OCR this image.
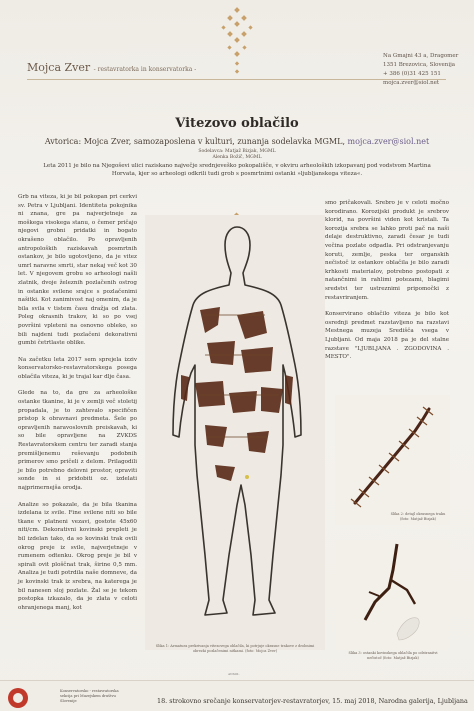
Mojca Zver - restavratorka in konservatorka -
Na Gmajni 43 a, Dragomer
1351 Brezovica, Slovenija
+ 386 (0)31 425 151
mojca.zver@siol.net
Vitezovo oblačilo
Avtorica: Mojca Zver, samozaposlena v kulturi, zunanja sodelavka MGML, mojca.zver@siol.net
Sodelavca: Matjaž Bizjak, MGML
Alenka Božič, MGML
Leta 2011 je bilo na Njegoševi ulici raziskano največje srednjeveško pokopališče, v okviru arheoloških izkopavanj pod vodstvom Martina Horvata, kjer so arheologi odkrili tudi grob s posmrtnimi ostanki »ljubljanskega viteza«.

Grb na viteza, ki je bil pokopan pri cerkvi sv. Petra v Ljubljani. Identiteta pokojnika ni znana, gre pa najverjetneje za moškega visokega stanu, o čemer pričajo njegovi grobni pridatki in bogato okrašeno oblačilo. Po opravljenih antropoloških raziskavah posmrtnih ostankov, je bilo ugotovljeno, da je vitez umrl naravne smrti, star nekaj več kot 30 let. V njegovem grobu so arheologi našli zlatnik, dvoje železnih pozlačenih ostrog in ostanke svilene srajce s pozlačenimi našitki. Kot zanimivost naj omenim, da je bila svila v tistem času dražja od zlata. Poleg okrasnih trakov, ki so po vsej površini vpleteni na osnovno obleko, so bili najdeni tudi pozlačeni dekorativni gumbi četrtlaste oblike.

Na začetku leta 2017 sem sprejela izziv konservatorsko-restavratorskega posega oblačila viteza, ki je trajal kar dlje časa.

Glede na to, da gre za arheološke ostanke tkanine, ki je v zemlji več stoletij propadala, je to zahtevalo specifičen pristop k obravnavi predmeta. Šele po opravljenih naravoslovnih preiskavah, ki so bile opravljene na ZVKDS Restavratorskem centru ter zaradi stanja premišljenemu reševanju podobnih primerov smo pričeli z delom. Prilagodili je bilo potrebno delovni prostor, opraviti sonde in si pridobiti oz. izdelati najprimernejša orodja.

Analize so pokazale, da je bila tkanina izdelana iz svile. Fine svilene niti so bile tkane v platneni vezavi, gostote 45x60 niti/cm. Dekorativni kovinski prepleti je bil izdelan tako, da so kovinski trak ovili okrog preje iz svile, najverjetneje v rumenem odtenku. Okrog preje je bil v spirali ovit ploščnat trak, širine 0,5 mm. Analiza je tudi potrdila naše domneve, da je kovinski trak iz srebra, na katerega je bil nanesen sloj pozlate. Žal se je tekom postopka izkazalo, da je zlata v celoti ohranjenega manj, kot

Slika 1: Armatura prekrivanja vitezovega oblačila, ki potrjuje okrasne trakove z drobnimi obrezki pozlačenimi nitkami. (foto: Mojca Zver)

smo pričakovali. Srebro je v celoti močno korodirano. Korozijski produkt je srebrov klorid, na površini viden kot kristali. Ta korozija srebra se lahko proti pač na naši delaje destruktivno, zaradi česar je tudi večina pozlate odpadla. Pri odstranjevanju koruti, zemlje, peska ter organskih nečistoč iz ostankov oblačila je bilo zaradi krhkosti materialov, potrebno postopati z natančnimi in rahlimi potezami, blagimi sredstvi ter ustreznimi pripomočki z restavriranjem.

Konservirano oblačilo viteza je bilo kot osrednji predmet razstavljeno na razstavi Mestnega muzeja Središča vsega v Ljubljani. Od maja 2018 pa je del stalne razstave "LJUBLJANA . ZGODOVINA . MESTO".

Slika 2: detajl okrasnega traku (foto: Matjaž Bizjak)
Slika 3: ostanki kovinskega oblačila po odstranitvi nečistoč (foto: Matjaž Bizjak)
ANSOL
Konservatorsko - restavratorska sekcija pri Muzejskem društvu Slovenije	18. strokovno srečanje konservatorjev-restavratorjev, 15. maj 2018, Narodna galerija, Ljubljana
